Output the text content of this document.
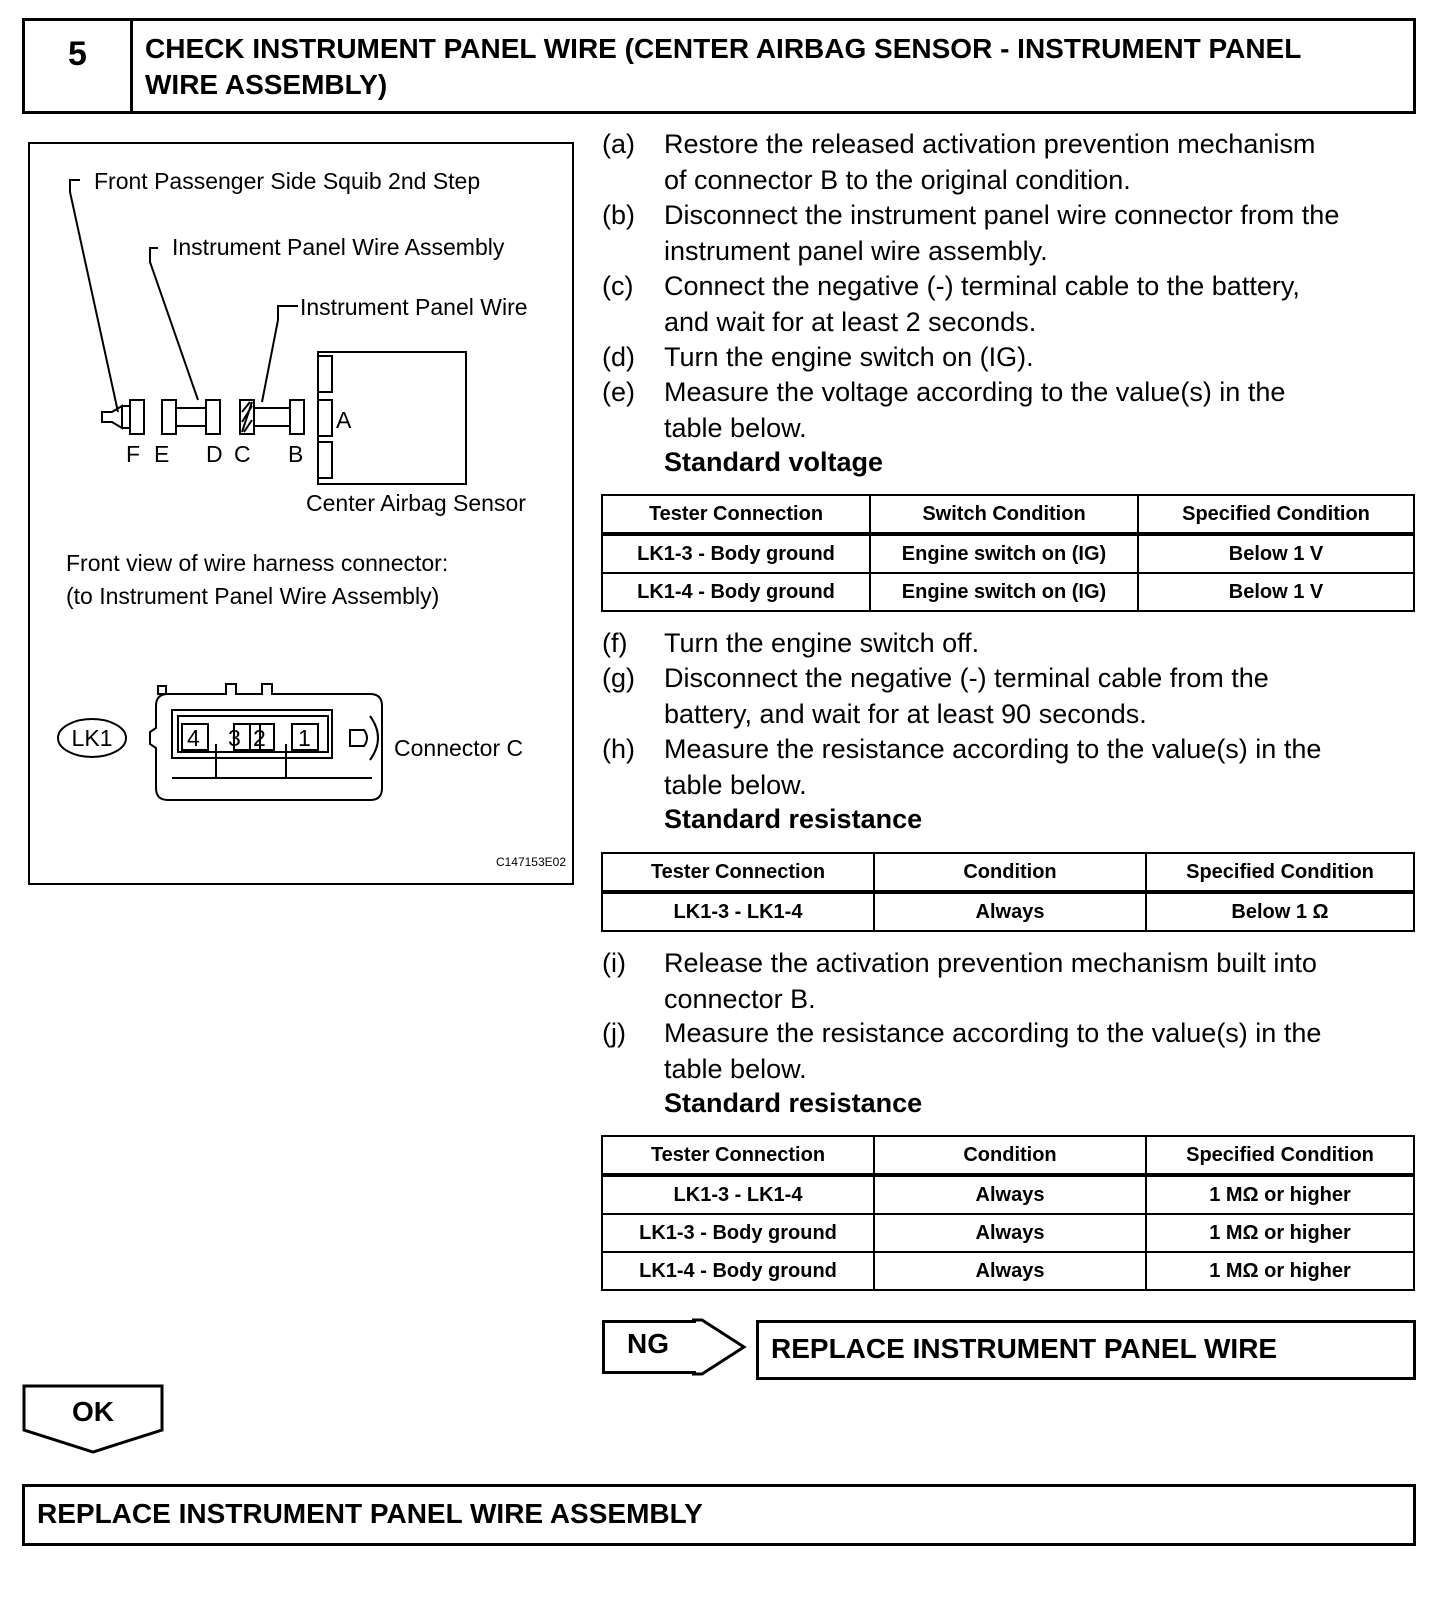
5	CHECK INSTRUMENT PANEL WIRE (CENTER AIRBAG SENSOR - INSTRUMENT PANEL
WIRE ASSEMBLY)
Front Passenger Side Squib 2nd Step
Instrument Panel Wire Assembly
Instrument Panel Wire
A
F E D C B
Center Airbag Sensor
Front view of wire harness connector:
(to Instrument Panel Wire Assembly)
LK1	4 3 2 1	Connector C
C147153E02
(a) Restore the released activation prevention mechanism
of connector B to the original condition.
(b) Disconnect the instrument panel wire connector from the
instrument panel wire assembly.
(c) Connect the negative (-) terminal cable to the battery,
and wait for at least 2 seconds.
(d) Turn the engine switch on (IG).
(e) Measure the voltage according to the value(s) in the
table below.
Standard voltage
Tester Connection	Switch Condition	Specified Condition
LK1-3 - Body ground	Engine switch on (IG)	Below 1 V
LK1-4 - Body ground	Engine switch on (IG)	Below 1 V
(f) Turn the engine switch off.
(g) Disconnect the negative (-) terminal cable from the
battery, and wait for at least 90 seconds.
(h) Measure the resistance according to the value(s) in the
table below.
Standard resistance
Tester Connection	Condition	Specified Condition
LK1-3 - LK1-4	Always	Below 1 Ω
(i) Release the activation prevention mechanism built into
connector B.
(j) Measure the resistance according to the value(s) in the
table below.
Standard resistance
Tester Connection	Condition	Specified Condition
LK1-3 - LK1-4	Always	1 MΩ or higher
LK1-3 - Body ground	Always	1 MΩ or higher
LK1-4 - Body ground	Always	1 MΩ or higher
NG	REPLACE INSTRUMENT PANEL WIRE
OK
REPLACE INSTRUMENT PANEL WIRE ASSEMBLY
